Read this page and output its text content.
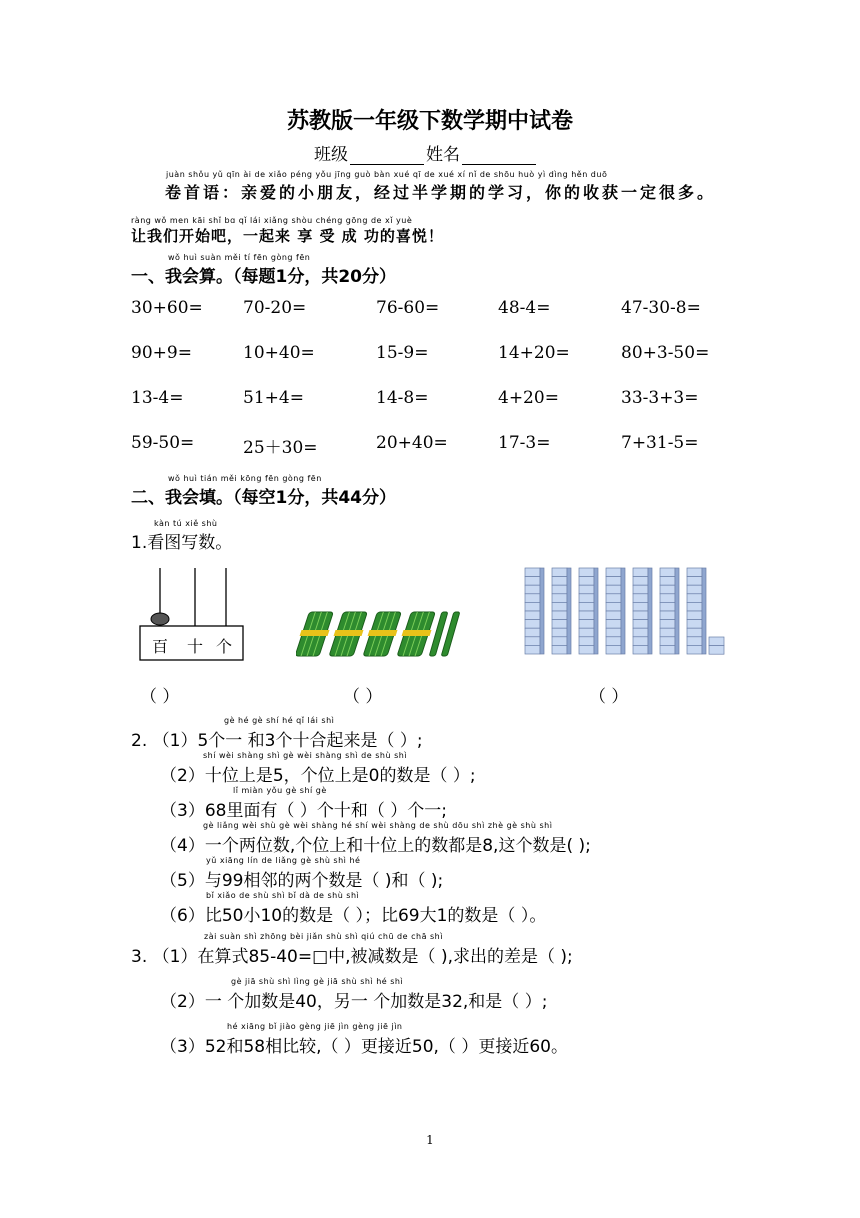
苏教版一年级下数学期中试卷
班级	姓名
juàn shǒu yǔ qīn ài de xiǎo péng yǒu jīng guò bàn xué qī de xué xí nǐ de shōu huò yì dìng hěn duō
卷首语：亲爱的小朋友，经过半学期的学习，你的收获一定很多。
ràng wǒ men kāi shǐ bɑ qǐ lái xiǎng shòu chéng gōng de xǐ yuè
让我们开始吧，一起来 享 受 成 功的喜悦！
wǒ huì suàn měi tí fēn gòng fēn
一、我会算。（每题1分，共20分）
30+60= 70-20=	76-60=	48-4=	47-30-8=
90+9=	10+40=	15-9=	14+20=	80+3-50=
13-4=	51+4=	14-8=	4+20=	33-3+3=
59-50=	25＋30=	20+40=	17-3=	7+31-5=
wǒ huì tián měi kōng fēn gòng fēn
二、我会填。（每空1分，共44分）
kàn tú xiě shù
1.看图写数。
百 十 个
（ ）	（ ）	（ ）
gè hé gè shí hé qǐ lái shì
2. （1）5个一 和3个十合起来是（ ）;
shí wèi shàng shì gè wèi shàng shì de shù shì
（2）十位上是5，个位上是0的数是（ ）;
lǐ miàn yǒu gè shí gè
（3）68里面有（ ）个十和（ ）个一;
gè liǎng wèi shù gè wèi shàng hé shí wèi shàng de shù dōu shì zhè gè shù shì
（4）一个两位数,个位上和十位上的数都是8,这个数是( );
yǔ xiāng lín de liǎng gè shù shì hé
（5）与99相邻的两个数是（ )和（ );
bǐ xiǎo de shù shì bǐ dà de shù shì
（6）比50小10的数是（ ）；比69大1的数是（ ）。
zài suàn shì zhōng bèi jiǎn shù shì qiú chū de chā shì
3. （1）在算式85-40=□中,被减数是（ ),求出的差是（ );
gè jiā shù shì lìng gè jiā shù shì hé shì
（2）一 个加数是40，另一 个加数是32,和是（ ）;
hé xiāng bǐ jiào gèng jiē jìn gèng jiē jìn
（3）52和58相比较,（ ）更接近50,（ ）更接近60。
1
